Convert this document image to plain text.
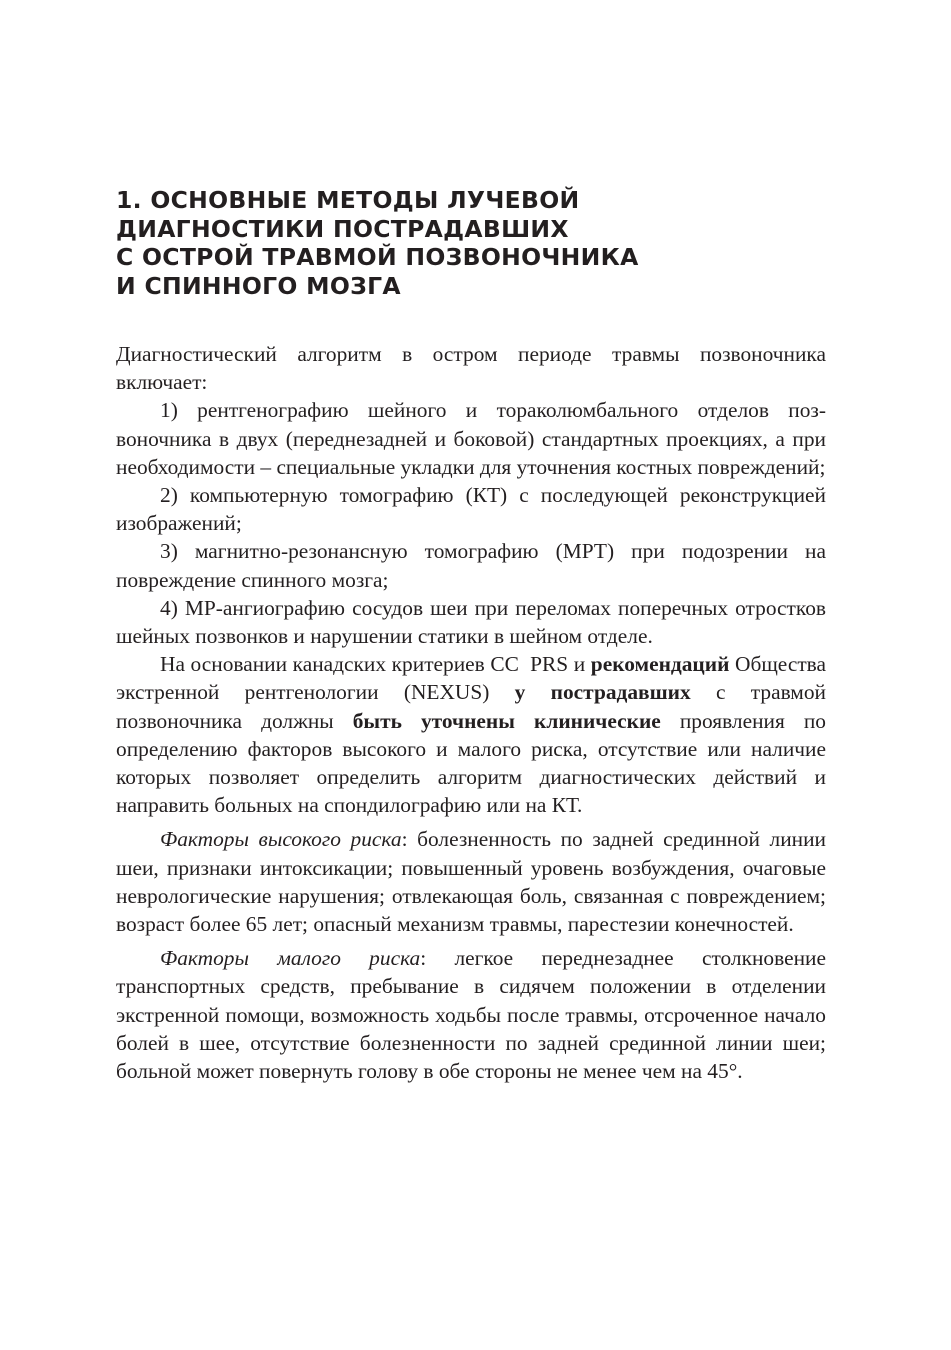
1. ОСНОВНЫЕ МЕТОДЫ ЛУЧЕВОЙ
ДИАГНОСТИКИ ПОСТРАДАВШИХ
С ОСТРОЙ ТРАВМОЙ ПОЗВОНОЧНИКА
И СПИННОГО МОЗГА

Диагностический алгоритм в остром периоде травмы позвоночника включает:

1) рентгенографию шейного и тораколюмбального отделов позвоночника в двух (переднезадней и боковой) стандартных проекциях, а при необходимости – специальные укладки для уточнения костных повреждений;

2) компьютерную томографию (КТ) с последующей реконструкцией изображений;

3) магнитно-резонансную томографию (МРТ) при подозрении на повреждение спинного мозга;

4) МР-ангиографию сосудов шеи при переломах поперечных отростков шейных позвонков и нарушении статики в шейном отделе.

На основании канадских критериев CC  PRS и рекомендаций Общества экстренной рентгенологии (NEXUS) у пострадавших с травмой позвоночника должны быть уточнены клинические проявления по определению факторов высокого и малого риска, отсутствие или наличие которых позволяет определить алгоритм диагностических действий и направить больных на спондилографию или на КТ.

Факторы высокого риска: болезненность по задней срединной линии шеи, признаки интоксикации; повышенный уровень возбуждения, очаговые неврологические нарушения; отвлекающая боль, связанная с повреждением; возраст более 65 лет; опасный механизм травмы, парестезии конечностей.

Факторы малого риска: легкое переднезаднее столкновение транспортных средств, пребывание в сидячем положении в отделении экстренной помощи, возможность ходьбы после травмы, отсроченное начало болей в шее, отсутствие болезненности по задней срединной линии шеи; больной может повернуть голову в обе стороны не менее чем на 45°.
